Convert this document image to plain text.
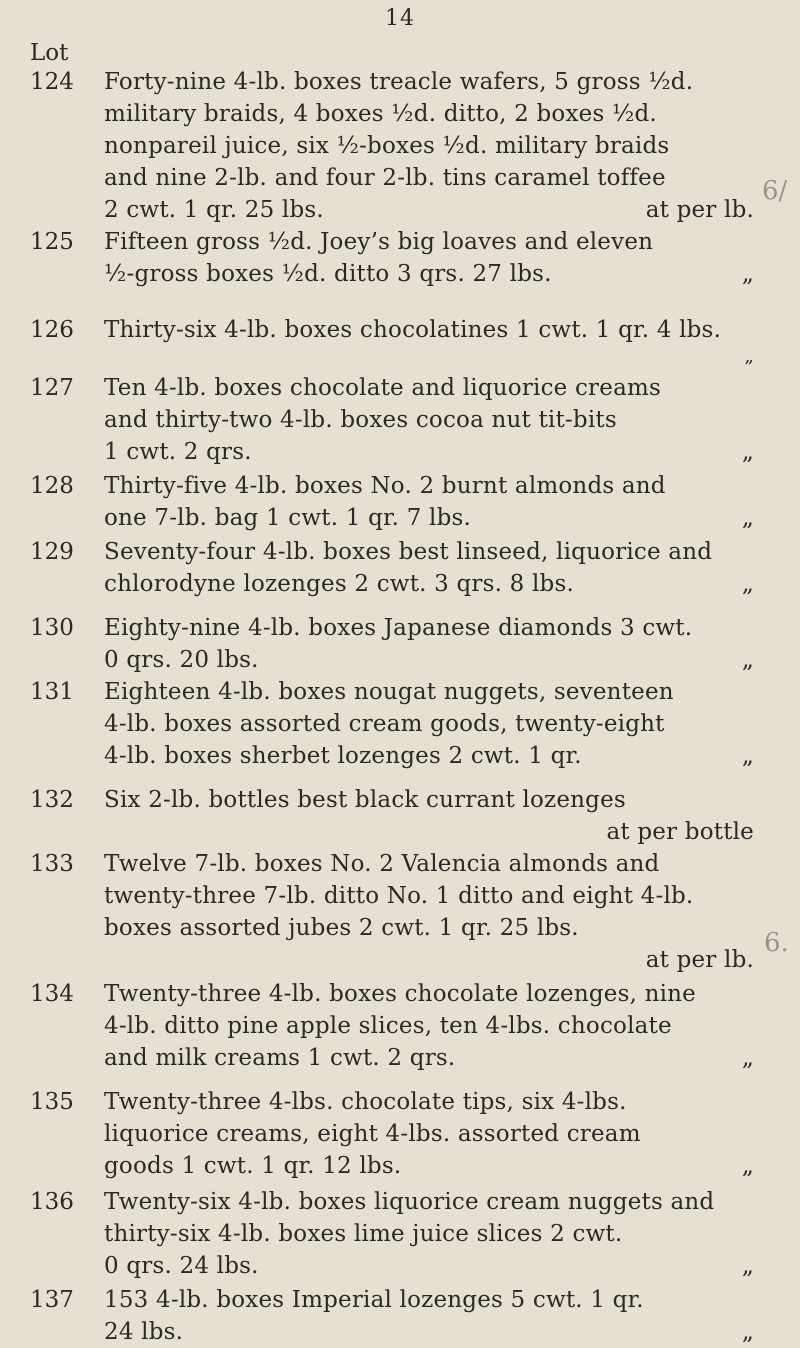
14
Lot
124 Forty-nine 4-lb. boxes treacle wafers, 5 gross ½d.
military braids, 4 boxes ½d. ditto, 2 boxes ½d.
nonpareil juice, six ½-boxes ½d. military braids
and nine 2-lb. and four 2-lb. tins caramel toffee
2 cwt. 1 qr. 25 lbs.	at per lb.
125 Fifteen gross ½d. Joey’s big loaves and eleven
½-gross boxes ½d. ditto 3 qrs. 27 lbs.	„
126 Thirty-six 4-lb. boxes chocolatines 1 cwt. 1 qr. 4 lbs.
„
127 Ten 4-lb. boxes chocolate and liquorice creams
and thirty-two 4-lb. boxes cocoa nut tit-bits
1 cwt. 2 qrs.	„
128 Thirty-five 4-lb. boxes No. 2 burnt almonds and
one 7-lb. bag 1 cwt. 1 qr. 7 lbs.	„
129 Seventy-four 4-lb. boxes best linseed, liquorice and
chlorodyne lozenges 2 cwt. 3 qrs. 8 lbs.	„
130 Eighty-nine 4-lb. boxes Japanese diamonds 3 cwt.
0 qrs. 20 lbs.	„
131 Eighteen 4-lb. boxes nougat nuggets, seventeen
4-lb. boxes assorted cream goods, twenty-eight
4-lb. boxes sherbet lozenges 2 cwt. 1 qr.	„
132 Six 2-lb. bottles best black currant lozenges
at per bottle
133 Twelve 7-lb. boxes No. 2 Valencia almonds and
twenty-three 7-lb. ditto No. 1 ditto and eight 4-lb.
boxes assorted jubes 2 cwt. 1 qr. 25 lbs.
at per lb.
134 Twenty-three 4-lb. boxes chocolate lozenges, nine
4-lb. ditto pine apple slices, ten 4-lbs. chocolate
and milk creams 1 cwt. 2 qrs.	„
135 Twenty-three 4-lbs. chocolate tips, six 4-lbs.
liquorice creams, eight 4-lbs. assorted cream
goods 1 cwt. 1 qr. 12 lbs.	„
136 Twenty-six 4-lb. boxes liquorice cream nuggets and
thirty-six 4-lb. boxes lime juice slices 2 cwt.
0 qrs. 24 lbs.	„
137 153 4-lb. boxes Imperial lozenges 5 cwt. 1 qr.
24 lbs.	„
6/
6.
